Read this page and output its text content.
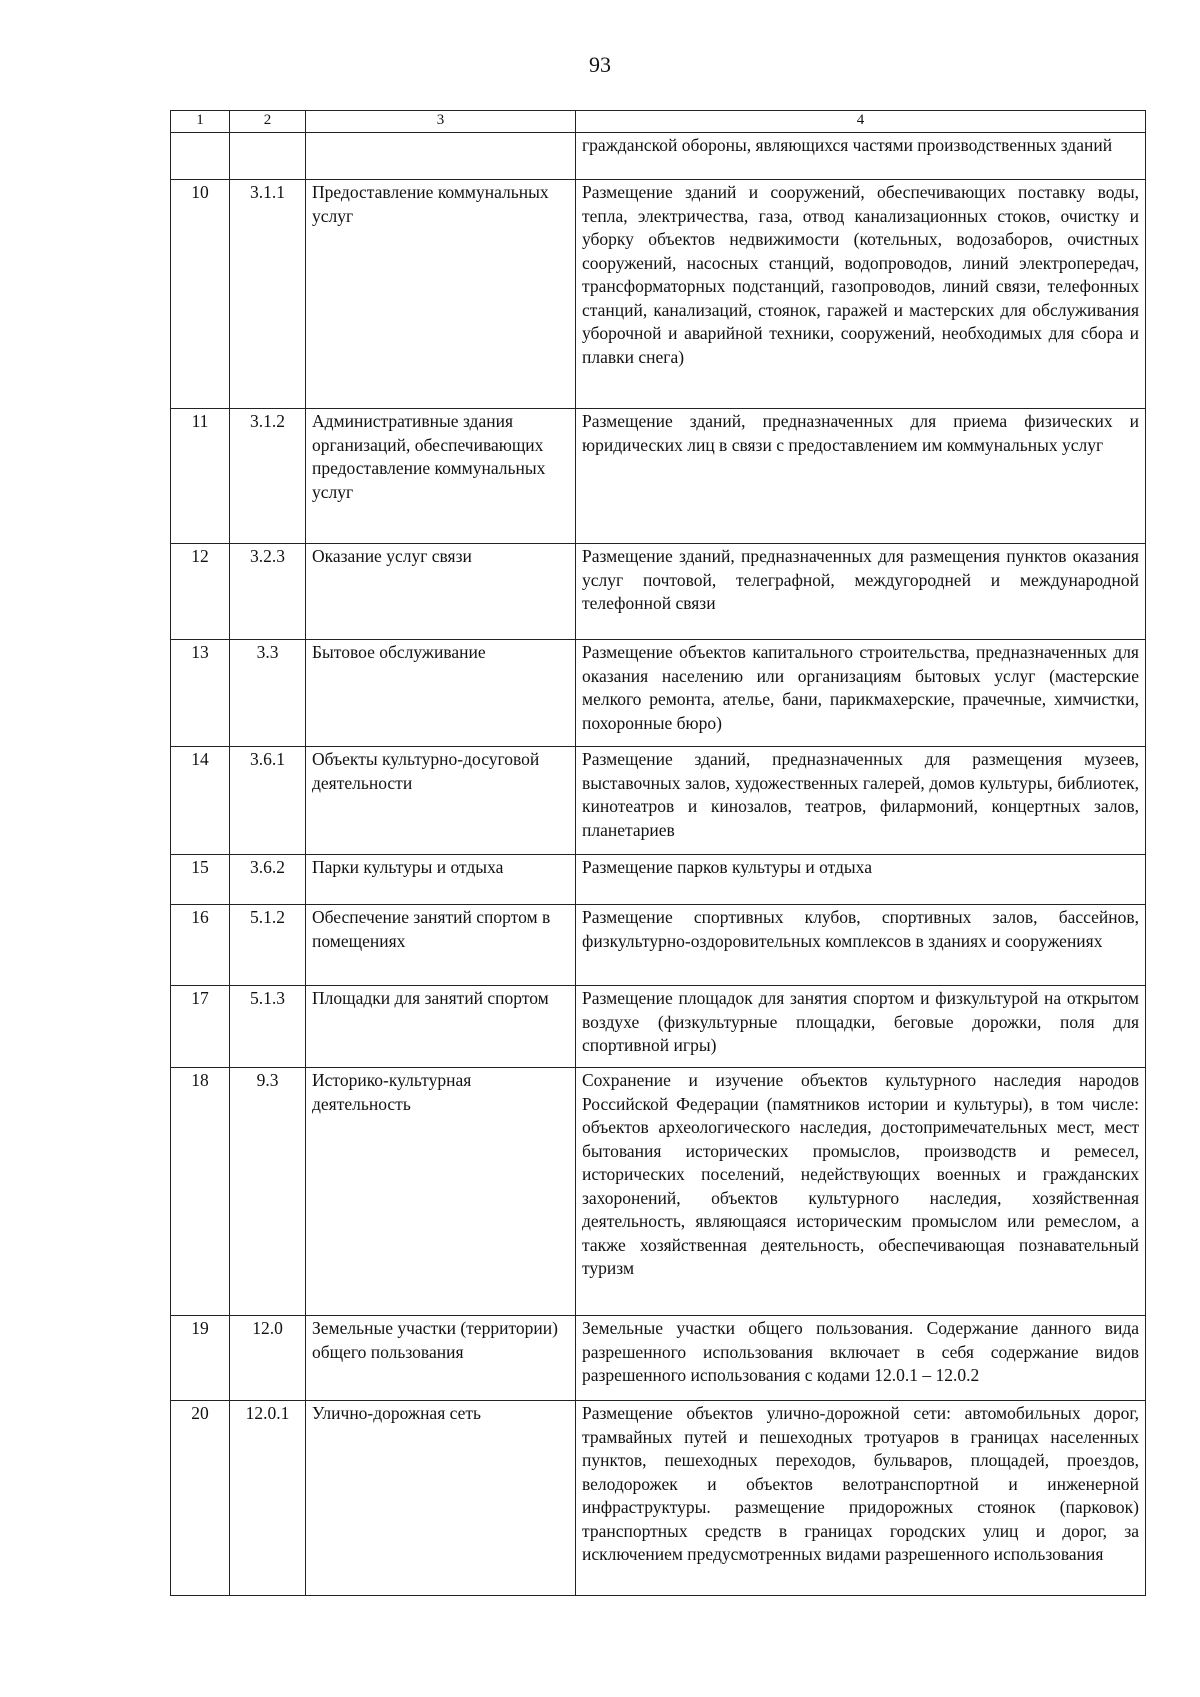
93
1	2	3	4
			гражданской обороны, являющихся частями производственных зданий
10	3.1.1	Предоставление коммунальных услуг	Размещение зданий и сооружений, обеспечивающих поставку воды, тепла, электричества, газа, отвод канализационных стоков, очистку и уборку объектов недвижимости (котельных, водозаборов, очистных сооружений, насосных станций, водопроводов, линий электропередач, трансформаторных подстанций, газопроводов, линий связи, телефонных станций, канализаций, стоянок, гаражей и мастерских для обслуживания уборочной и аварийной техники, сооружений, необходимых для сбора и плавки снега)
11	3.1.2	Административные здания организаций, обеспечивающих предоставление коммунальных услуг	Размещение зданий, предназначенных для приема физических и юридических лиц в связи с предоставлением им коммунальных услуг
12	3.2.3	Оказание услуг связи	Размещение зданий, предназначенных для размещения пунктов оказания услуг почтовой, телеграфной, междугородней и международной телефонной связи
13	3.3	Бытовое обслуживание	Размещение объектов капитального строительства, предназначенных для оказания населению или организациям бытовых услуг (мастерские мелкого ремонта, ателье, бани, парикмахерские, прачечные, химчистки, похоронные бюро)
14	3.6.1	Объекты культурно-досуговой деятельности	Размещение зданий, предназначенных для размещения музеев, выставочных залов, художественных галерей, домов культуры, библиотек, кинотеатров и кинозалов, театров, филармоний, концертных залов, планетариев
15	3.6.2	Парки культуры и отдыха	Размещение парков культуры и отдыха
16	5.1.2	Обеспечение занятий спортом в помещениях	Размещение спортивных клубов, спортивных залов, бассейнов, физкультурно-оздоровительных комплексов в зданиях и сооружениях
17	5.1.3	Площадки для занятий спортом	Размещение площадок для занятия спортом и физкультурой на открытом воздухе (физкультурные площадки, беговые дорожки, поля для спортивной игры)
18	9.3	Историко-культурная деятельность	Сохранение и изучение объектов культурного наследия народов Российской Федерации (памятников истории и культуры), в том числе: объектов археологического наследия, достопримечательных мест, мест бытования исторических промыслов, производств и ремесел, исторических поселений, недействующих военных и гражданских захоронений, объектов культурного наследия, хозяйственная деятельность, являющаяся историческим промыслом или ремеслом, а также хозяйственная деятельность, обеспечивающая познавательный туризм
19	12.0	Земельные участки (территории) общего пользования	Земельные участки общего пользования. Содержание данного вида разрешенного использования включает в себя содержание видов разрешенного использования с кодами 12.0.1 – 12.0.2
20	12.0.1	Улично-дорожная сеть	Размещение объектов улично-дорожной сети: автомобильных дорог, трамвайных путей и пешеходных тротуаров в границах населенных пунктов, пешеходных переходов, бульваров, площадей, проездов, велодорожек и объектов велотранспортной и инженерной инфраструктуры. размещение придорожных стоянок (парковок) транспортных средств в границах городских улиц и дорог, за исключением предусмотренных видами разрешенного использования
